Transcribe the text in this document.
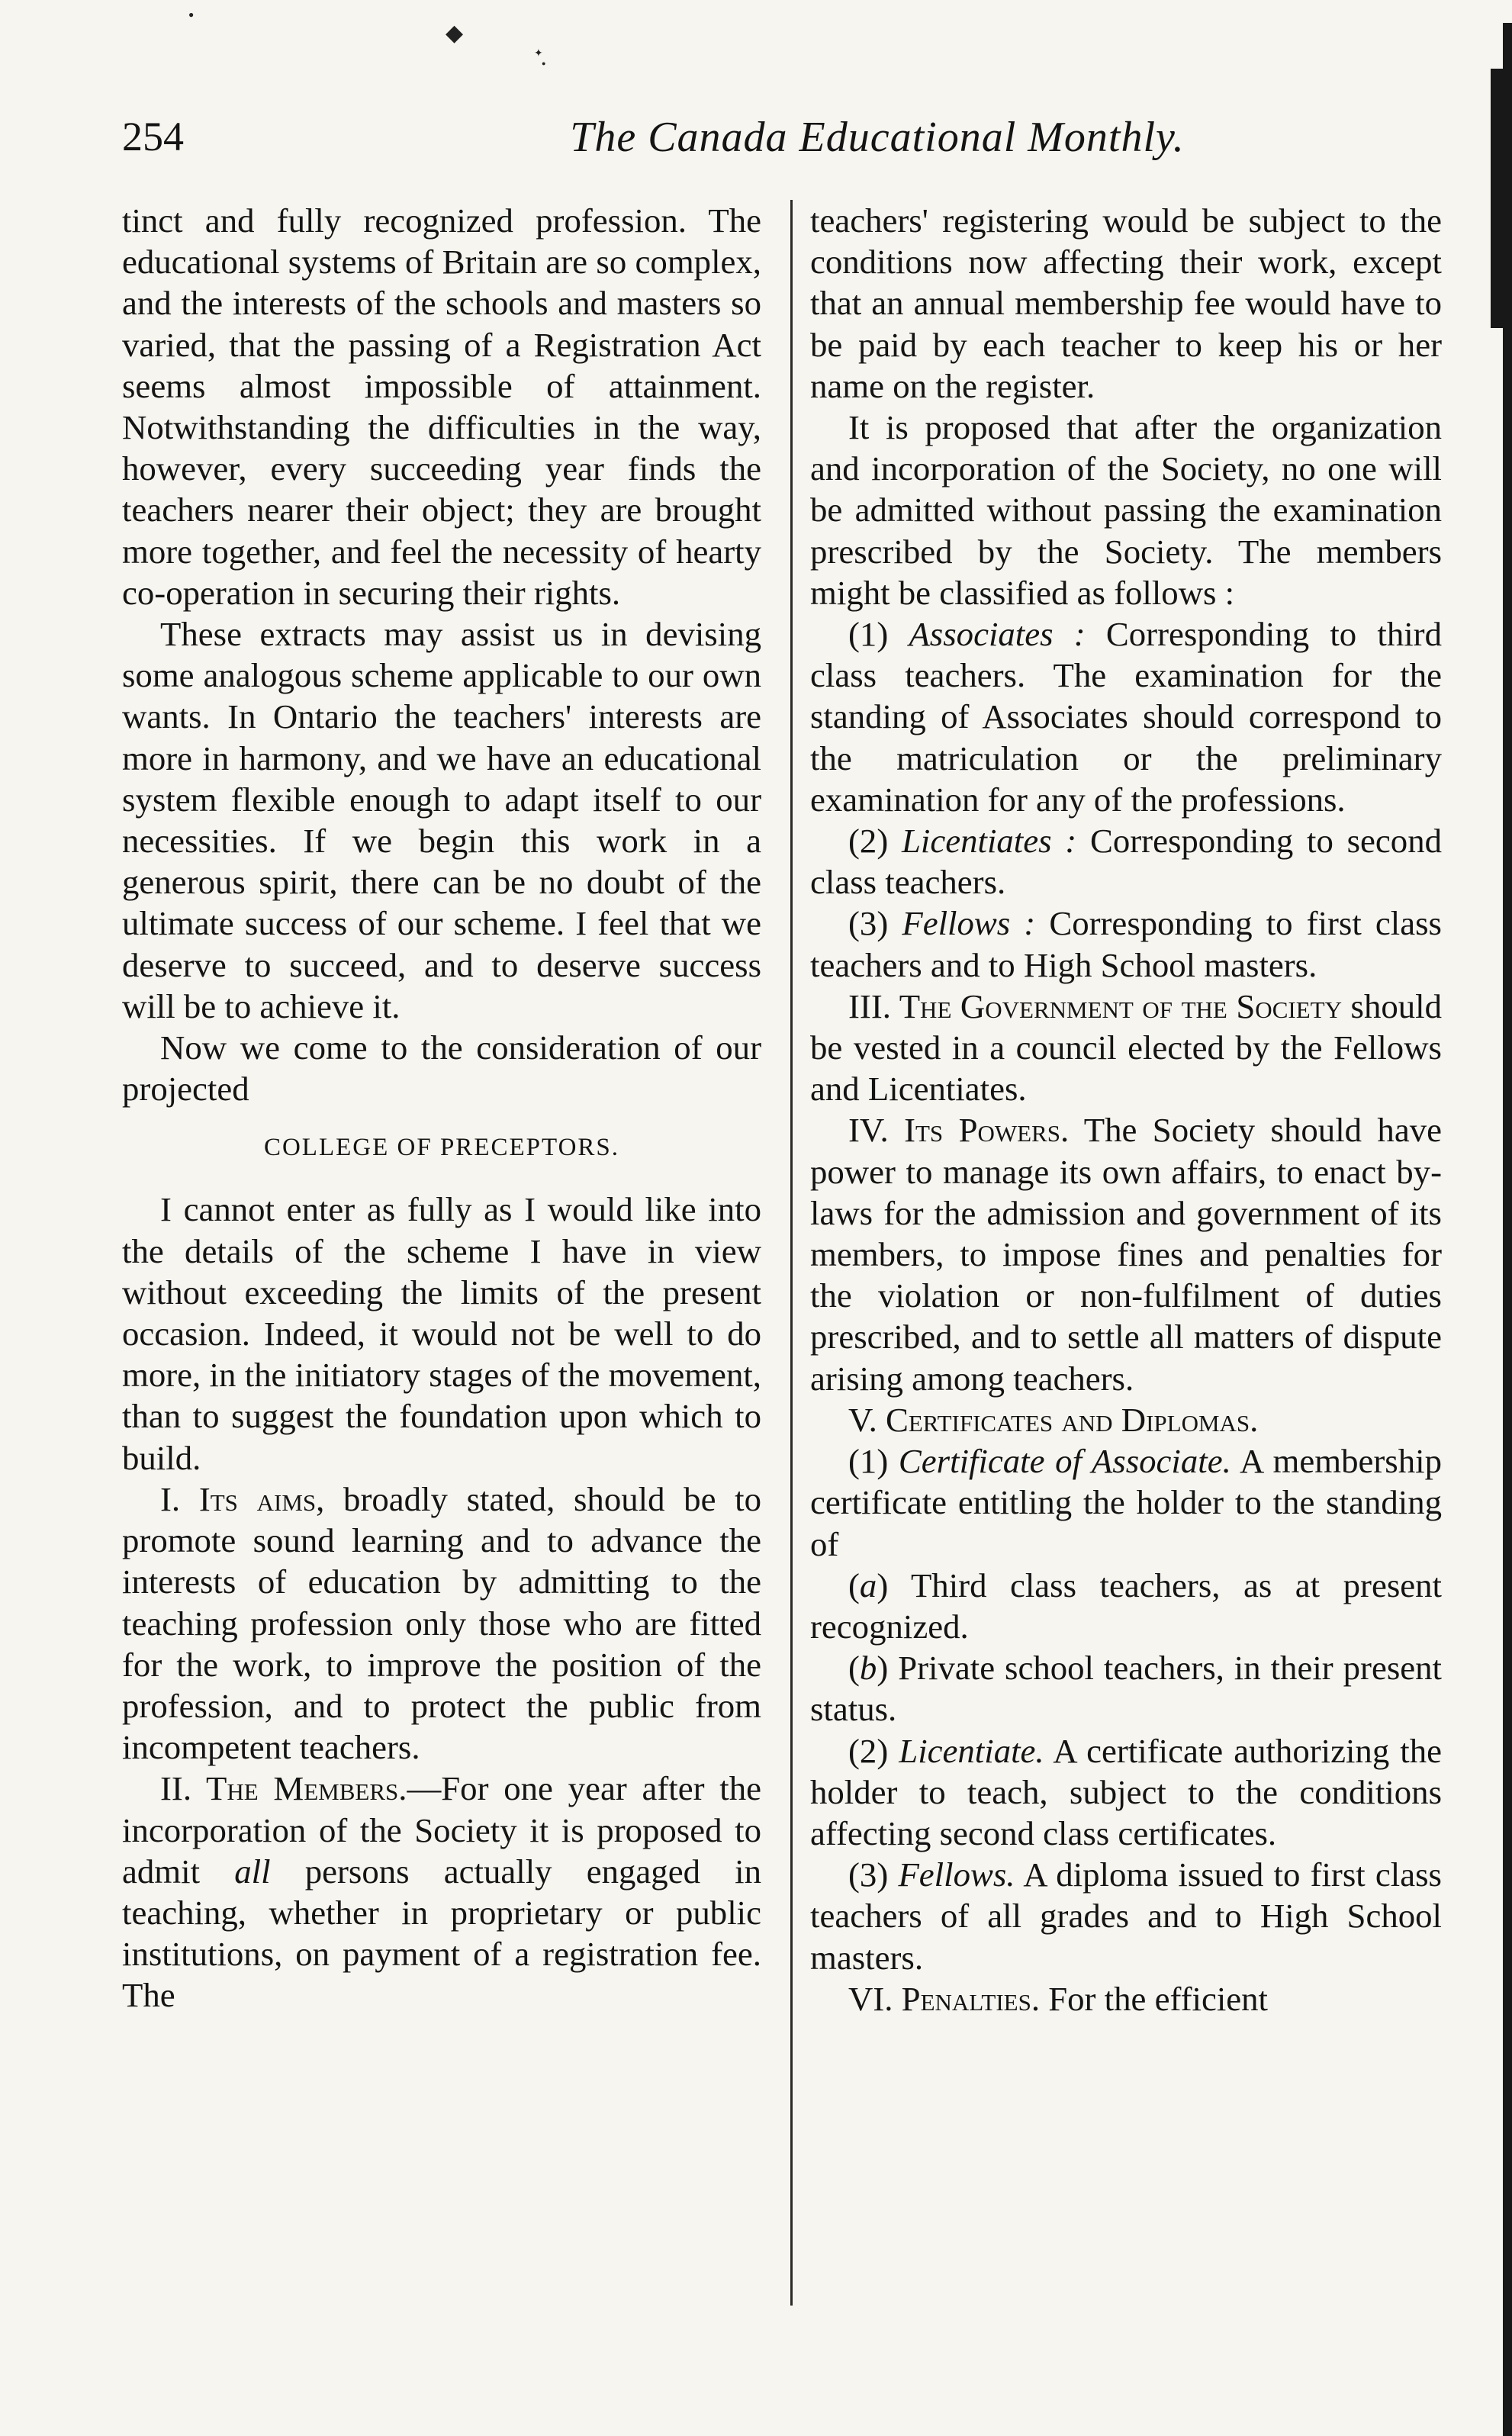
●
◆
✦
●
254	The Canada Educational Monthly.

tinct and fully recognized profession. The educational systems of Britain are so complex, and the interests of the schools and masters so varied, that the passing of a Registration Act seems almost impossible of attainment. Notwithstanding the difficulties in the way, however, every succeeding year finds the teachers nearer their object; they are brought more together, and feel the necessity of hearty co-operation in securing their rights.

These extracts may assist us in devising some analogous scheme applicable to our own wants. In Ontario the teachers' interests are more in harmony, and we have an educational system flexible enough to adapt itself to our necessities. If we begin this work in a generous spirit, there can be no doubt of the ultimate success of our scheme. I feel that we deserve to succeed, and to deserve success will be to achieve it.

Now we come to the consideration of our projected

COLLEGE OF PRECEPTORS.

I cannot enter as fully as I would like into the details of the scheme I have in view without exceeding the limits of the present occasion. Indeed, it would not be well to do more, in the initiatory stages of the movement, than to suggest the foundation upon which to build.

I. Its aims, broadly stated, should be to promote sound learning and to advance the interests of education by admitting to the teaching profession only those who are fitted for the work, to improve the position of the profession, and to protect the public from incompetent teachers.

II. The Members.—For one year after the incorporation of the Society it is proposed to admit all persons actually engaged in teaching, whether in proprietary or public institutions, on payment of a registration fee. The

teachers' registering would be subject to the conditions now affecting their work, except that an annual membership fee would have to be paid by each teacher to keep his or her name on the register.

It is proposed that after the organization and incorporation of the Society, no one will be admitted without passing the examination prescribed by the Society. The members might be classified as follows :

(1) Associates : Corresponding to third class teachers. The examination for the standing of Associates should correspond to the matriculation or the preliminary examination for any of the professions.

(2) Licentiates : Corresponding to second class teachers.

(3) Fellows : Corresponding to first class teachers and to High School masters.

III. The Government of the Society should be vested in a council elected by the Fellows and Licentiates.

IV. Its Powers. The Society should have power to manage its own affairs, to enact by-laws for the admission and government of its members, to impose fines and penalties for the violation or non-fulfilment of duties prescribed, and to settle all matters of dispute arising among teachers.

V. Certificates and Diplomas.

(1) Certificate of Associate. A membership certificate entitling the holder to the standing of

(a) Third class teachers, as at present recognized.

(b) Private school teachers, in their present status.

(2) Licentiate. A certificate authorizing the holder to teach, subject to the conditions affecting second class certificates.

(3) Fellows. A diploma issued to first class teachers of all grades and to High School masters.

VI. Penalties. For the efficient
